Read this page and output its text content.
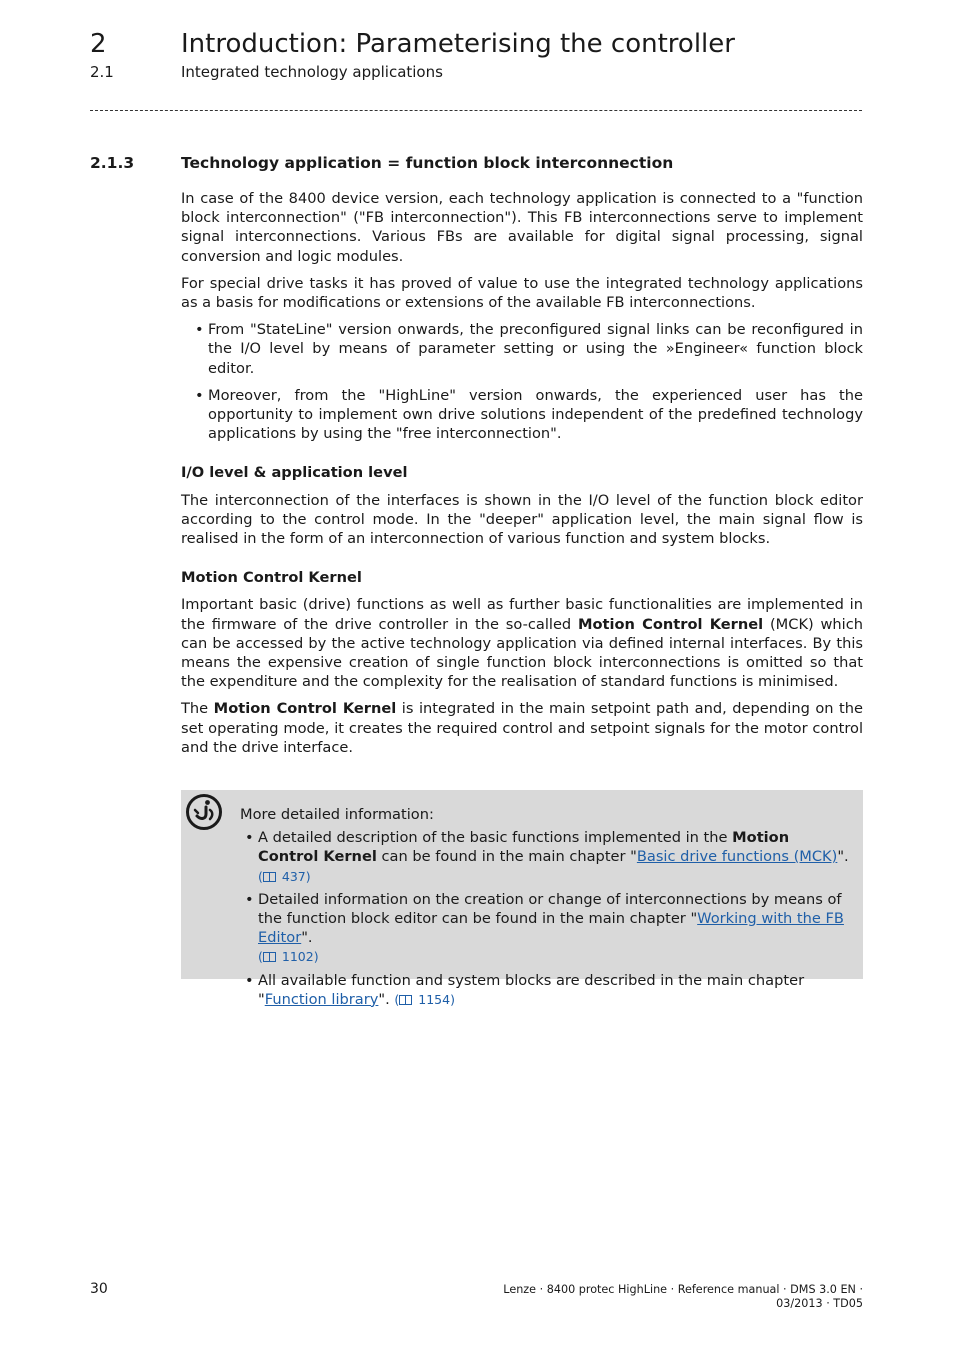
2	Introduction: Parameterising the controller
2.1	Integrated technology applications
2.1.3	Technology application = function block interconnection

In case of the 8400 device version, each technology application is connected to a "function block interconnection" ("FB interconnection"). This FB interconnections serve to implement signal interconnections. Various FBs are available for digital signal processing, signal conversion and logic modules.

For special drive tasks it has proved of value to use the integrated technology applications as a basis for modifications or extensions of the available FB interconnections.

• From "StateLine" version onwards, the preconfigured signal links can be reconfigured in the I/O level by means of parameter setting or using the »Engineer« function block editor.
• Moreover, from the "HighLine" version onwards, the experienced user has the opportunity to implement own drive solutions independent of the predefined technology applications by using the "free interconnection".
I/O level & application level

The interconnection of the interfaces is shown in the I/O level of the function block editor according to the control mode. In the "deeper" application level, the main signal flow is realised in the form of an interconnection of various function and system blocks.

Motion Control Kernel

Important basic (drive) functions as well as further basic functionalities are implemented in the firmware of the drive controller in the so-called Motion Control Kernel (MCK) which can be accessed by the active technology application via defined internal interfaces. By this means the expensive creation of single function block interconnections is omitted so that the expenditure and the complexity for the realisation of standard functions is minimised.

The Motion Control Kernel is integrated in the main setpoint path and, depending on the set operating mode, it creates the required control and setpoint signals for the motor control and the drive interface.

More detailed information:

• A detailed description of the basic functions implemented in the Motion Control Kernel can be found in the main chapter "Basic drive functions (MCK)". ( 437)
• Detailed information on the creation or change of interconnections by means of the function block editor can be found in the main chapter "Working with the FB Editor".
( 1102)
• All available function and system blocks are described in the main chapter "Function library". ( 1154)
30	Lenze · 8400 protec HighLine · Reference manual · DMS 3.0 EN · 03/2013 · TD05
